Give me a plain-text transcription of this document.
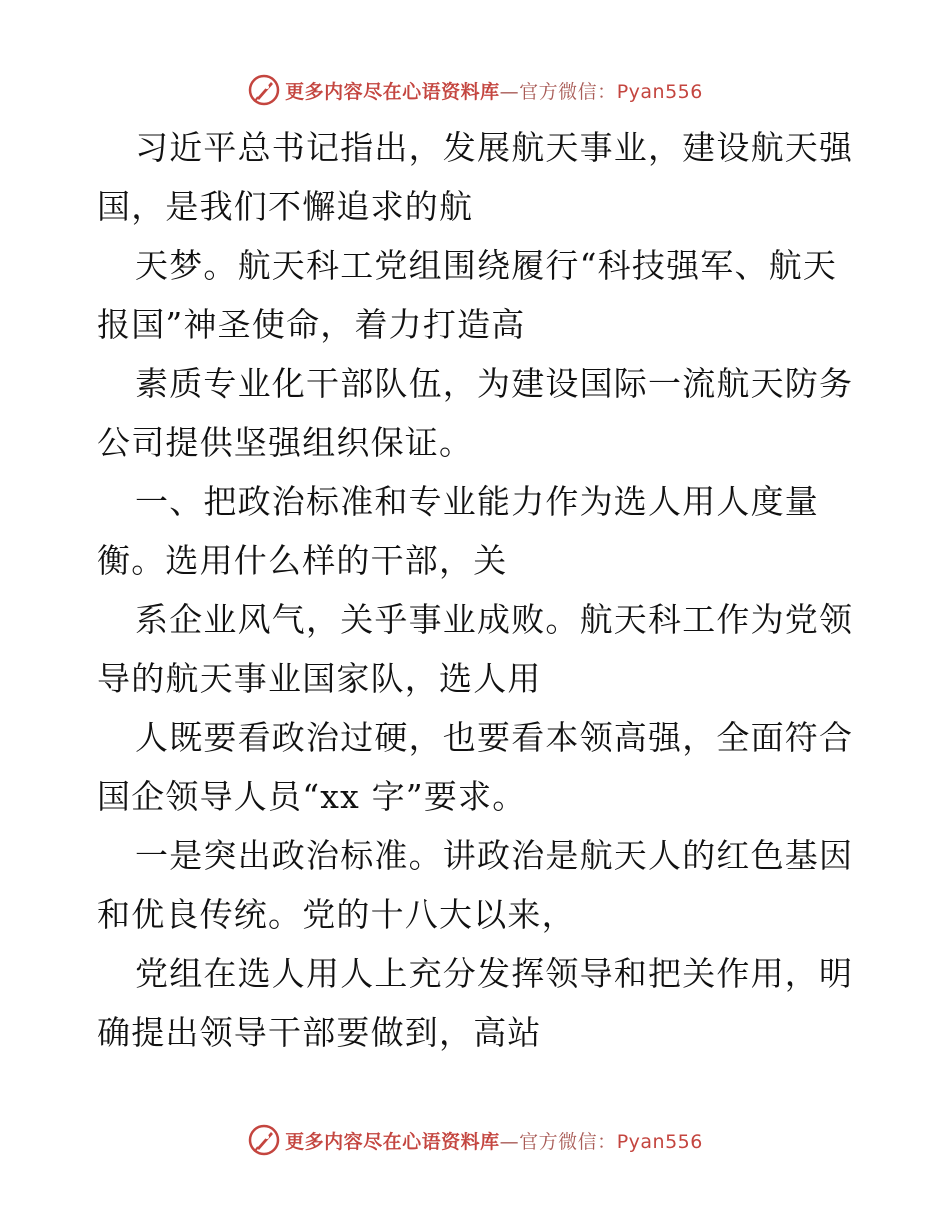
更多内容尽在心语资料库—官方微信：Pyan556
习近平总书记指出，发展航天事业，建设航天强
国，是我们不懈追求的航
天梦。航天科工党组围绕履行“科技强军、航天
报国”神圣使命，着力打造高
素质专业化干部队伍，为建设国际一流航天防务
公司提供坚强组织保证。
一、把政治标准和专业能力作为选人用人度量
衡。选用什么样的干部，关
系企业风气，关乎事业成败。航天科工作为党领
导的航天事业国家队，选人用
人既要看政治过硬，也要看本领高强，全面符合
国企领导人员“xx 字”要求。
一是突出政治标准。讲政治是航天人的红色基因
和优良传统。党的十八大以来，
党组在选人用人上充分发挥领导和把关作用，明
确提出领导干部要做到，高站
更多内容尽在心语资料库—官方微信：Pyan556
